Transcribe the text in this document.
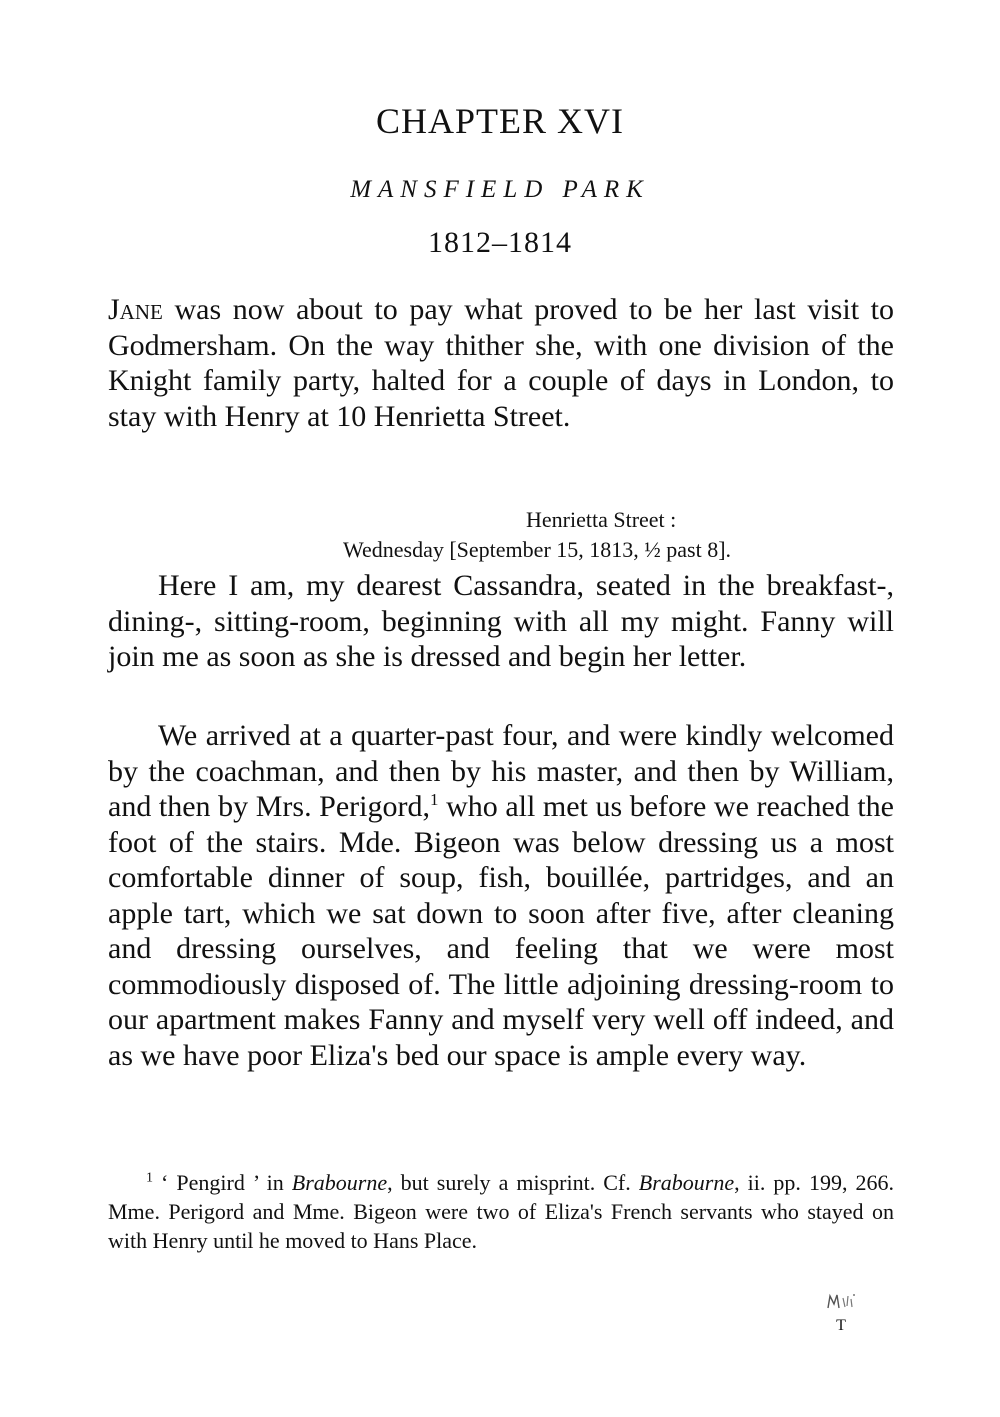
CHAPTER XVI
MANSFIELD PARK
1812–1814

Jane was now about to pay what proved to be her last visit to Godmersham. On the way thither she, with one division of the Knight family party, halted for a couple of days in London, to stay with Henry at 10 Henrietta Street.

Henrietta Street :
Wednesday [September 15, 1813, ½ past 8].

Here I am, my dearest Cassandra, seated in the breakfast-, dining-, sitting-room, beginning with all my might. Fanny will join me as soon as she is dressed and begin her letter.

We arrived at a quarter-past four, and were kindly welcomed by the coachman, and then by his master, and then by William, and then by Mrs. Perigord,$^1$ who all met us before we reached the foot of the stairs. Mde. Bigeon was below dressing us a most comfortable dinner of soup, fish, bouillée, partridges, and an apple tart, which we sat down to soon after five, after cleaning and dressing ourselves, and feeling that we were most commodiously disposed of. The little adjoining dressing-room to our apartment makes Fanny and myself very well off indeed, and as we have poor Eliza's bed our space is ample every way.

$^1$ ‘ Pengird ’ in Brabourne, but surely a misprint. Cf. Brabourne, ii. pp. 199, 266. Mme. Perigord and Mme. Bigeon were two of Eliza's French servants who stayed on with Henry until he moved to Hans Place.

T
